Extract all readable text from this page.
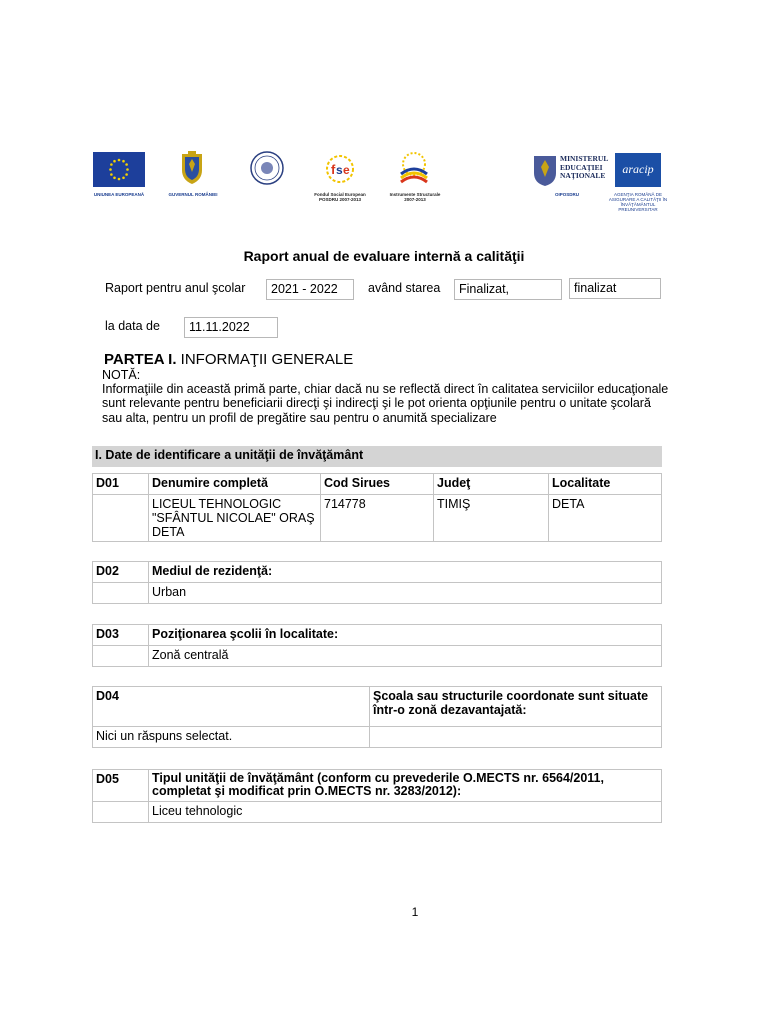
UNIUNEA EUROPEANĂ	GUVERNUL ROMÂNIEI
f s e
Fondul Social European POSDRU 2007-2013
Instrumente Structurale 2007-2013
MINISTERUL EDUCAŢIEI NAŢIONALE
OIPOSDRU
aracip
AGENŢIA ROMÂNĂ DE ASIGURARE A CALITĂŢII ÎN ÎNVĂŢĂMÂNTUL PREUNIVERSITAR
Raport anual de evaluare internă a calităţii
Raport pentru anul şcolar	2021 - 2022	având starea	Finalizat,	finalizat
la data de	11.11.2022
PARTEA I. INFORMAŢII GENERALE
NOTĂ:
Informaţiile din această primă parte, chiar dacă nu se reflectă direct în calitatea serviciilor educaţionale sunt relevante pentru beneficiarii direcţi şi indirecţi şi le pot orienta opţiunile pentru o unitate şcolară sau alta, pentru un profil de pregătire sau pentru o anumită specializare
I. Date de identificare a unităţii de învăţământ
D01	Denumire completă	Cod Sirues	Judeţ	Localitate
	LICEUL TEHNOLOGIC "SFÂNTUL NICOLAE" ORAŞ DETA	714778	TIMIŞ	DETA
D02	Mediul de rezidenţă:
	Urban
D03	Poziţionarea şcolii în localitate:
	Zonă centrală
D04	Şcoala sau structurile coordonate sunt situate într-o zonă dezavantajată:
Nici un răspuns selectat.	
D05	Tipul unităţii de învăţământ (conform cu prevederile O.MECTS nr. 6564/2011, completat şi modificat prin O.MECTS nr. 3283/2012):
	Liceu tehnologic
1
